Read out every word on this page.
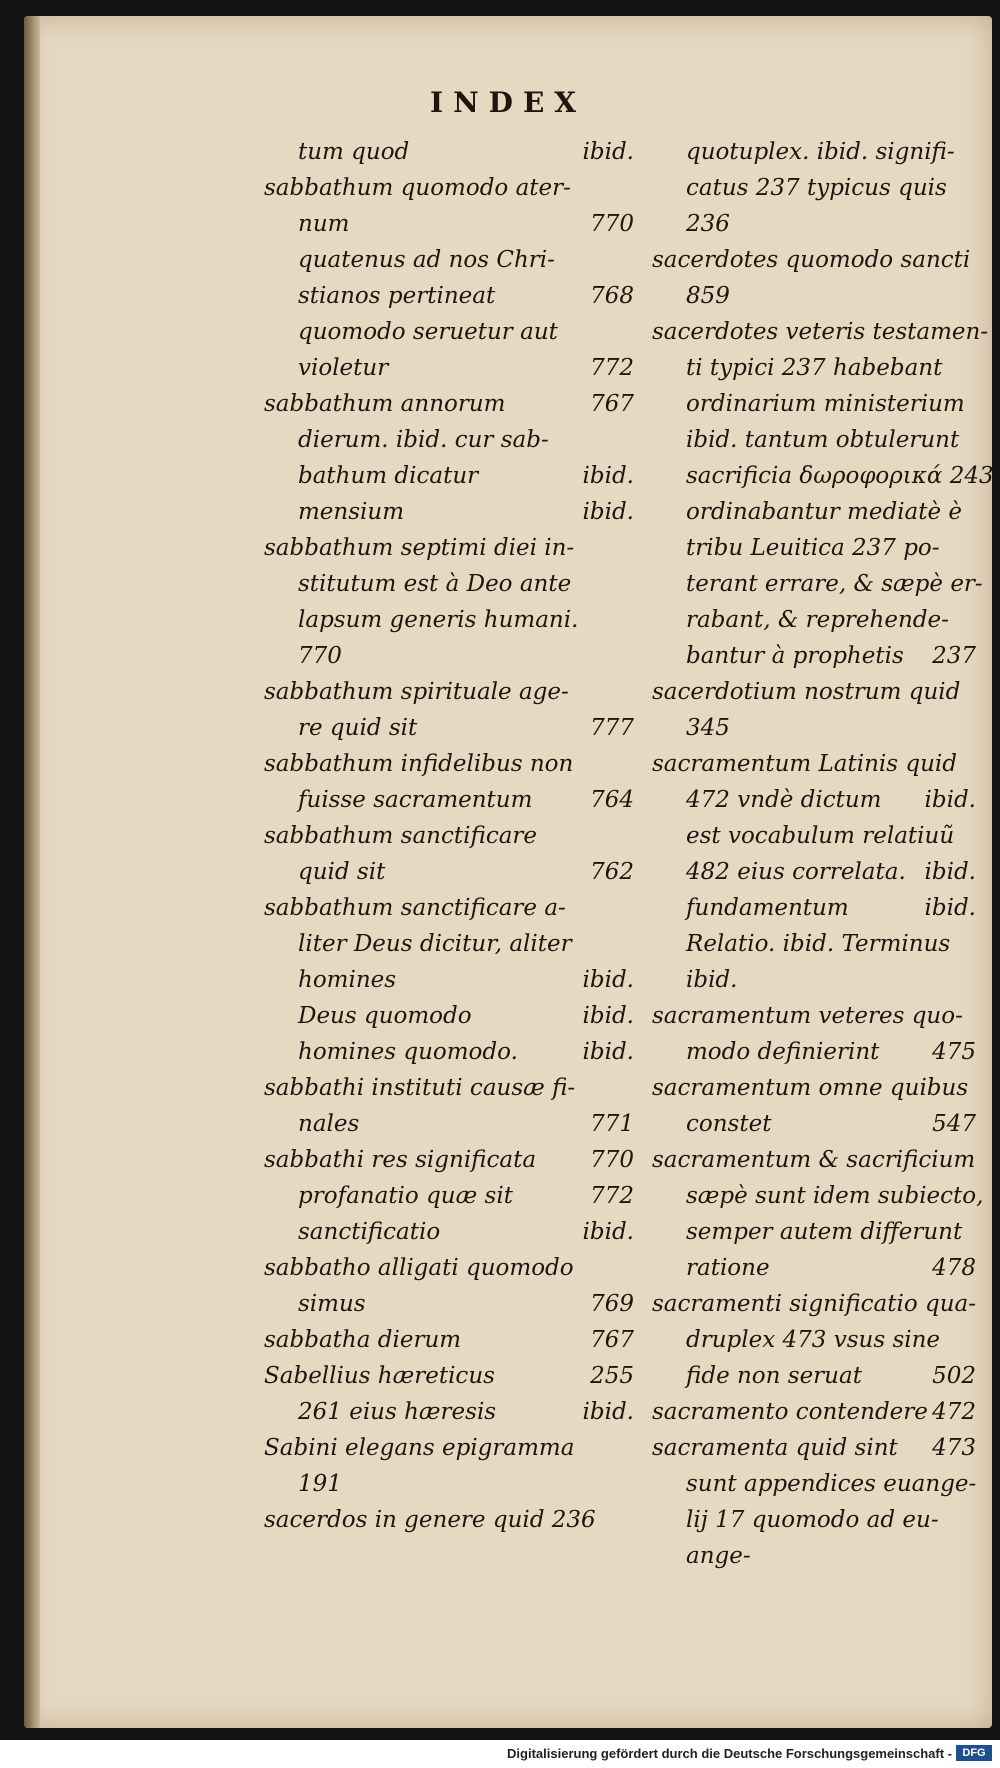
INDEX
tum quod	ibid.
sabbathum quomodo ater-
num	770
quatenus ad nos Chri-
stianos pertineat	768
quomodo seruetur aut
violetur	772
sabbathum annorum	767
dierum. ibid. cur sab-
bathum dicatur	ibid.
mensium	ibid.
sabbathum septimi diei in-
stitutum est à Deo ante
lapsum generis humani.
770
sabbathum spirituale age-
re quid sit	777
sabbathum infidelibus non
fuisse sacramentum	764
sabbathum sanctificare
quid sit	762
sabbathum sanctificare a-
liter Deus dicitur, aliter
homines	ibid.
Deus quomodo	ibid.
homines quomodo.	ibid.
sabbathi instituti causæ fi-
nales	771
sabbathi res significata 770
profanatio quæ sit	772
sanctificatio	ibid.
sabbatho alligati quomodo
simus	769
sabbatha dierum	767
Sabellius hæreticus	255
261 eius hæresis	ibid.
Sabini elegans epigramma
191
sacerdos in genere quid 236
quotuplex. ibid. signifi-
catus 237 typicus quis
236
sacerdotes quomodo sancti
859
sacerdotes veteris testamen-
ti typici 237 habebant
ordinarium ministerium
ibid. tantum obtulerunt
sacrificia δωροφορικά 243
ordinabantur mediatè è
tribu Leuitica 237 po-
terant errare, & sæpè er-
rabant, & reprehende-
bantur à prophetis 237
sacerdotium nostrum quid
345
sacramentum Latinis quid
472 vndè dictum ibid.
est vocabulum relatiuũ
482 eius correlata. ibid.
fundamentum	ibid.
Relatio. ibid. Terminus
ibid.
sacramentum veteres quo-
modo definierint 475
sacramentum omne quibus
constet	547
sacramentum & sacrificium
sæpè sunt idem subiecto,
semper autem differunt
ratione	478
sacramenti significatio qua-
druplex 473 vsus sine
fide non seruat	502
sacramento contendere 472
sacramenta quid sint 473
sunt appendices euange-
lij 17 quomodo ad eu-
ange-
Digitalisierung gefördert durch die Deutsche Forschungsgemeinschaft - DFG
